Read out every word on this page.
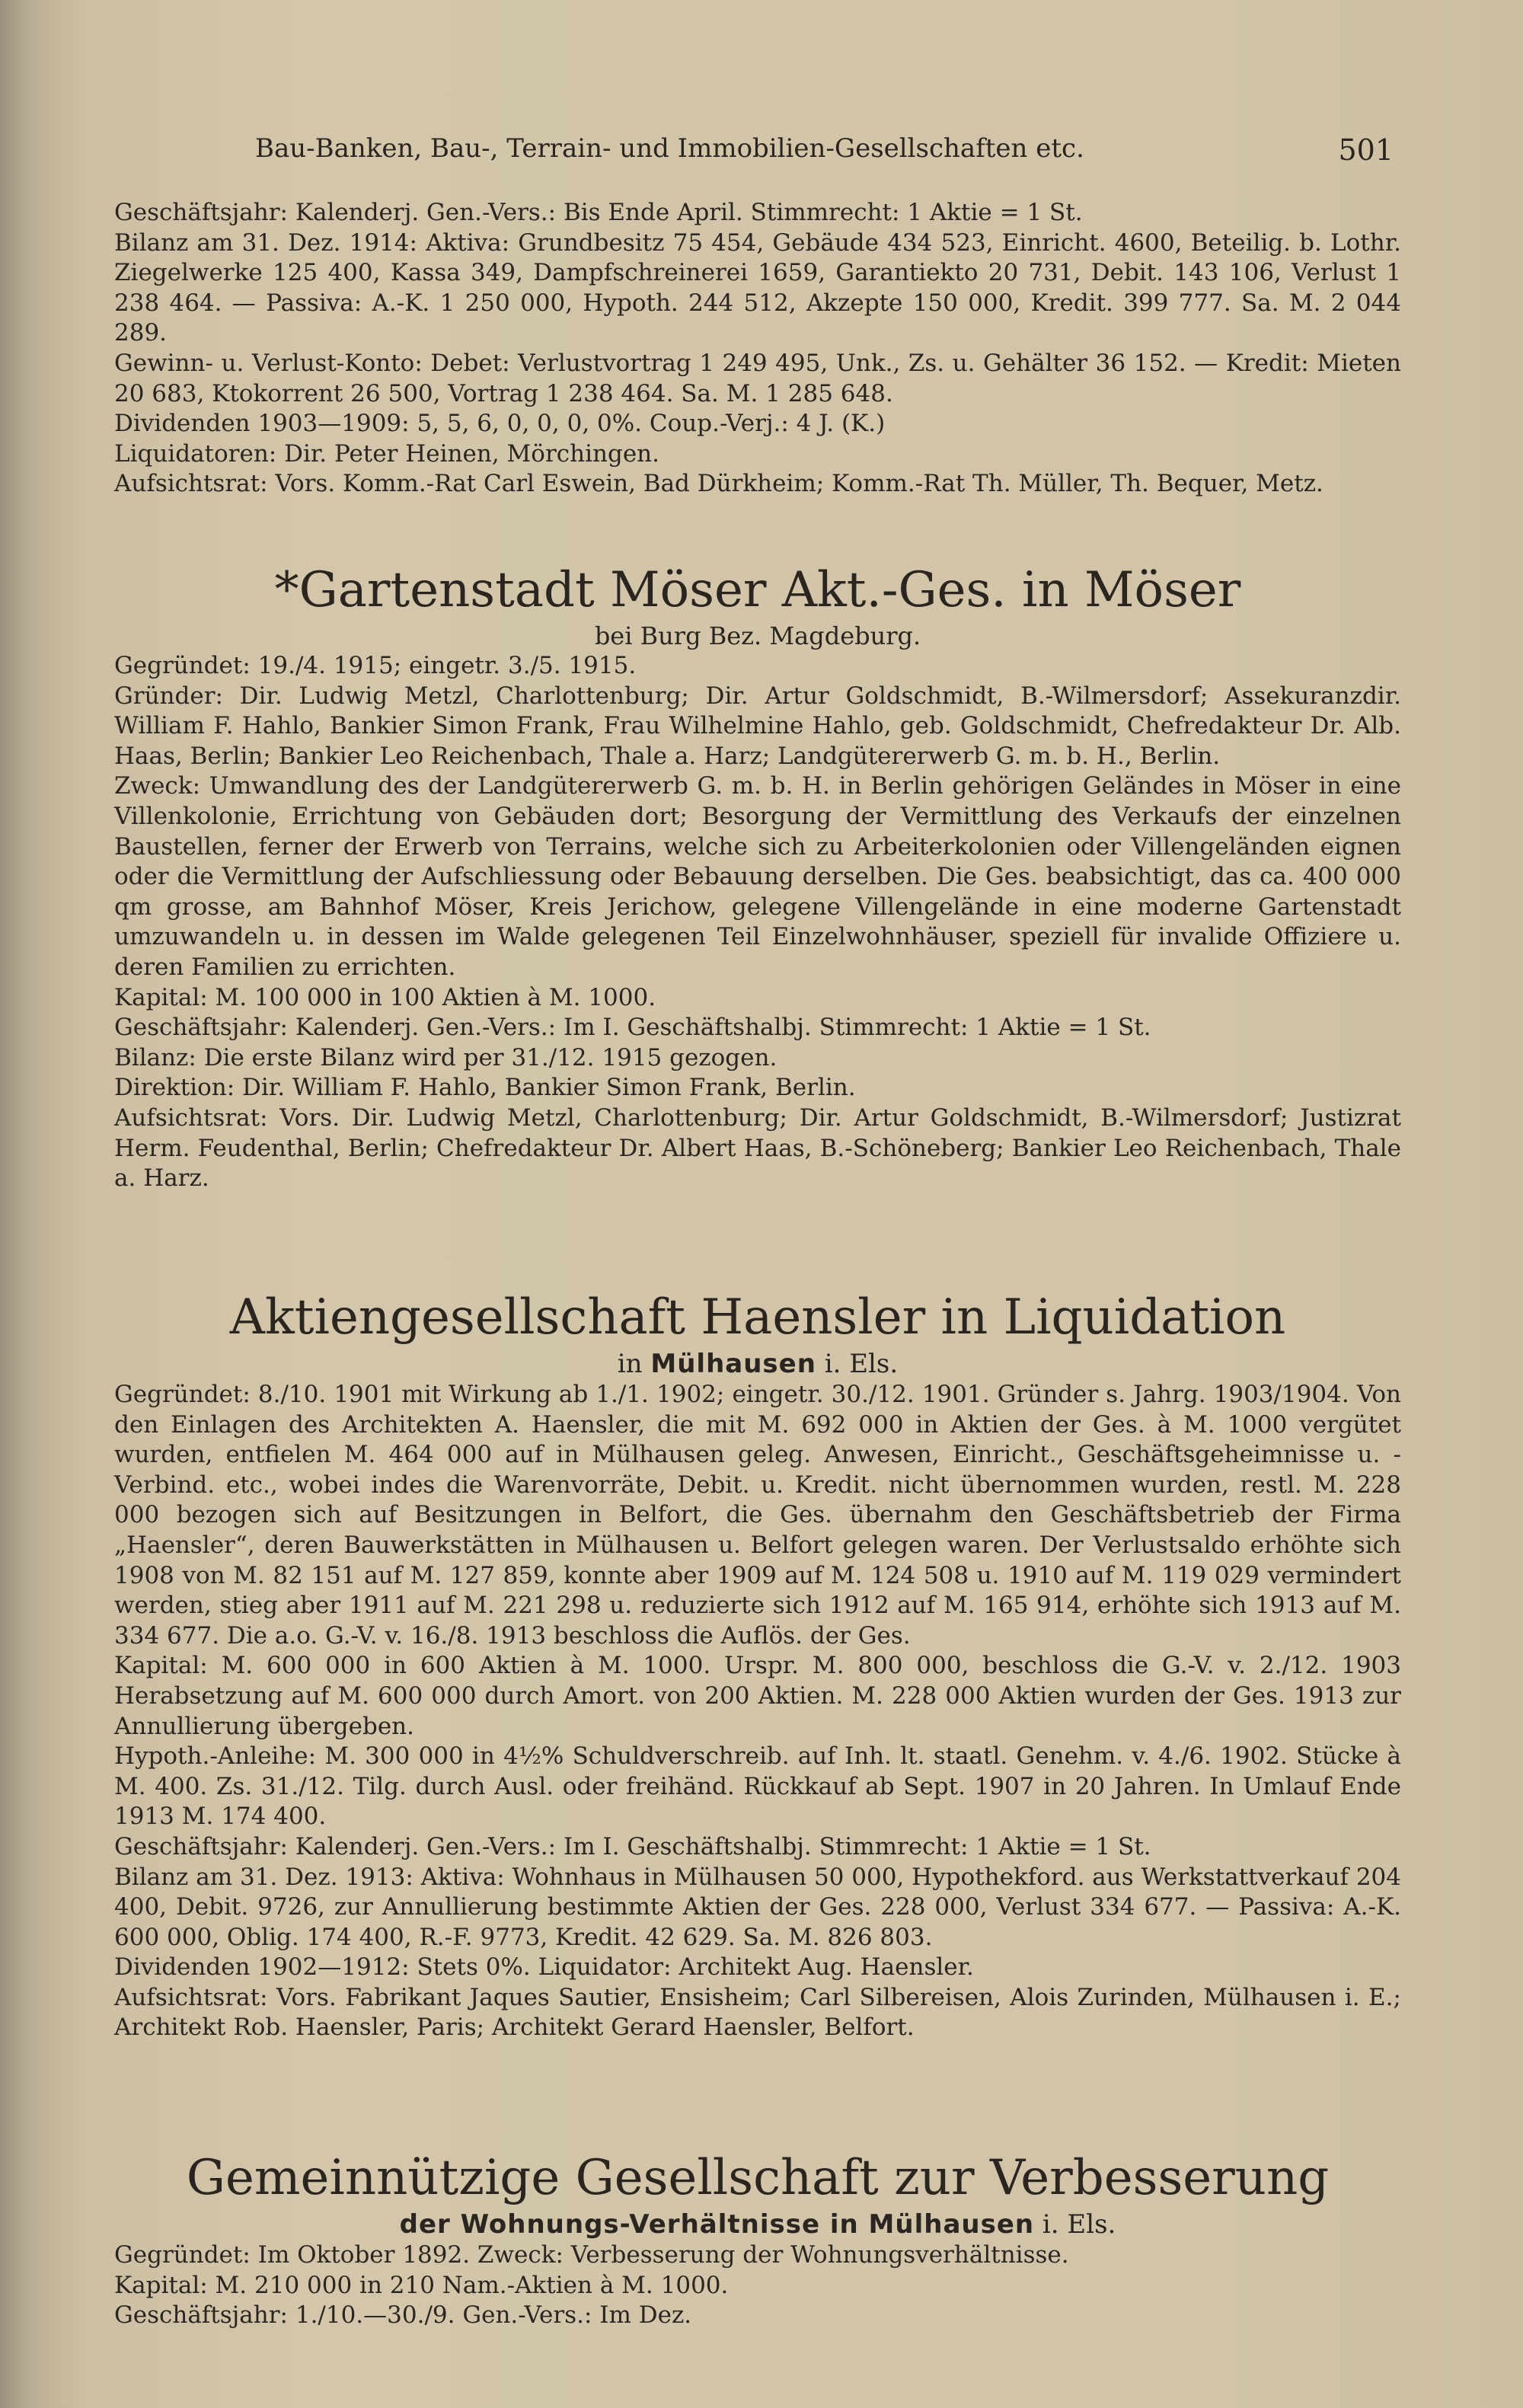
Bau-Banken, Bau-, Terrain- und Immobilien-Gesellschaften etc.	501

Geschäftsjahr: Kalenderj. Gen.-Vers.: Bis Ende April. Stimmrecht: 1 Aktie = 1 St.

Bilanz am 31. Dez. 1914: Aktiva: Grundbesitz 75 454, Gebäude 434 523, Einricht. 4600, Beteilig. b. Lothr. Ziegelwerke 125 400, Kassa 349, Dampfschreinerei 1659, Garantiekto 20 731, Debit. 143 106, Verlust 1 238 464. — Passiva: A.-K. 1 250 000, Hypoth. 244 512, Akzepte 150 000, Kredit. 399 777. Sa. M. 2 044 289.

Gewinn- u. Verlust-Konto: Debet: Verlustvortrag 1 249 495, Unk., Zs. u. Gehälter 36 152. — Kredit: Mieten 20 683, Ktokorrent 26 500, Vortrag 1 238 464. Sa. M. 1 285 648.

Dividenden 1903—1909: 5, 5, 6, 0, 0, 0, 0%. Coup.-Verj.: 4 J. (K.)

Liquidatoren: Dir. Peter Heinen, Mörchingen.

Aufsichtsrat: Vors. Komm.-Rat Carl Eswein, Bad Dürkheim; Komm.-Rat Th. Müller, Th. Bequer, Metz.

*Gartenstadt Möser Akt.-Ges. in Möser

bei Burg Bez. Magdeburg.

Gegründet: 19./4. 1915; eingetr. 3./5. 1915.

Gründer: Dir. Ludwig Metzl, Charlottenburg; Dir. Artur Goldschmidt, B.-Wilmersdorf; Assekuranzdir. William F. Hahlo, Bankier Simon Frank, Frau Wilhelmine Hahlo, geb. Goldschmidt, Chefredakteur Dr. Alb. Haas, Berlin; Bankier Leo Reichenbach, Thale a. Harz; Landgütererwerb G. m. b. H., Berlin.

Zweck: Umwandlung des der Landgütererwerb G. m. b. H. in Berlin gehörigen Geländes in Möser in eine Villenkolonie, Errichtung von Gebäuden dort; Besorgung der Vermittlung des Verkaufs der einzelnen Baustellen, ferner der Erwerb von Terrains, welche sich zu Arbeiterkolonien oder Villengeländen eignen oder die Vermittlung der Aufschliessung oder Bebauung derselben. Die Ges. beabsichtigt, das ca. 400 000 qm grosse, am Bahnhof Möser, Kreis Jerichow, gelegene Villengelände in eine moderne Gartenstadt umzuwandeln u. in dessen im Walde gelegenen Teil Einzelwohnhäuser, speziell für invalide Offiziere u. deren Familien zu errichten.

Kapital: M. 100 000 in 100 Aktien à M. 1000.

Geschäftsjahr: Kalenderj. Gen.-Vers.: Im I. Geschäftshalbj. Stimmrecht: 1 Aktie = 1 St.

Bilanz: Die erste Bilanz wird per 31./12. 1915 gezogen.

Direktion: Dir. William F. Hahlo, Bankier Simon Frank, Berlin.

Aufsichtsrat: Vors. Dir. Ludwig Metzl, Charlottenburg; Dir. Artur Goldschmidt, B.-Wilmersdorf; Justizrat Herm. Feudenthal, Berlin; Chefredakteur Dr. Albert Haas, B.-Schöneberg; Bankier Leo Reichenbach, Thale a. Harz.

Aktiengesellschaft Haensler in Liquidation

in Mülhausen i. Els.

Gegründet: 8./10. 1901 mit Wirkung ab 1./1. 1902; eingetr. 30./12. 1901. Gründer s. Jahrg. 1903/1904. Von den Einlagen des Architekten A. Haensler, die mit M. 692 000 in Aktien der Ges. à M. 1000 vergütet wurden, entfielen M. 464 000 auf in Mülhausen geleg. Anwesen, Einricht., Geschäftsgeheimnisse u. -Verbind. etc., wobei indes die Warenvorräte, Debit. u. Kredit. nicht übernommen wurden, restl. M. 228 000 bezogen sich auf Besitzungen in Belfort, die Ges. übernahm den Geschäftsbetrieb der Firma „Haensler“, deren Bauwerkstätten in Mülhausen u. Belfort gelegen waren. Der Verlustsaldo erhöhte sich 1908 von M. 82 151 auf M. 127 859, konnte aber 1909 auf M. 124 508 u. 1910 auf M. 119 029 vermindert werden, stieg aber 1911 auf M. 221 298 u. reduzierte sich 1912 auf M. 165 914, erhöhte sich 1913 auf M. 334 677. Die a.o. G.-V. v. 16./8. 1913 beschloss die Auflös. der Ges.

Kapital: M. 600 000 in 600 Aktien à M. 1000. Urspr. M. 800 000, beschloss die G.-V. v. 2./12. 1903 Herabsetzung auf M. 600 000 durch Amort. von 200 Aktien. M. 228 000 Aktien wurden der Ges. 1913 zur Annullierung übergeben.

Hypoth.-Anleihe: M. 300 000 in 4½% Schuldverschreib. auf Inh. lt. staatl. Genehm. v. 4./6. 1902. Stücke à M. 400. Zs. 31./12. Tilg. durch Ausl. oder freihänd. Rückkauf ab Sept. 1907 in 20 Jahren. In Umlauf Ende 1913 M. 174 400.

Geschäftsjahr: Kalenderj. Gen.-Vers.: Im I. Geschäftshalbj. Stimmrecht: 1 Aktie = 1 St.

Bilanz am 31. Dez. 1913: Aktiva: Wohnhaus in Mülhausen 50 000, Hypothekford. aus Werkstattverkauf 204 400, Debit. 9726, zur Annullierung bestimmte Aktien der Ges. 228 000, Verlust 334 677. — Passiva: A.-K. 600 000, Oblig. 174 400, R.-F. 9773, Kredit. 42 629. Sa. M. 826 803.

Dividenden 1902—1912: Stets 0%. Liquidator: Architekt Aug. Haensler.

Aufsichtsrat: Vors. Fabrikant Jaques Sautier, Ensisheim; Carl Silbereisen, Alois Zurinden, Mülhausen i. E.; Architekt Rob. Haensler, Paris; Architekt Gerard Haensler, Belfort.

Gemeinnützige Gesellschaft zur Verbesserung

der Wohnungs-Verhältnisse in Mülhausen i. Els.

Gegründet: Im Oktober 1892. Zweck: Verbesserung der Wohnungsverhältnisse.

Kapital: M. 210 000 in 210 Nam.-Aktien à M. 1000.

Geschäftsjahr: 1./10.—30./9. Gen.-Vers.: Im Dez.
